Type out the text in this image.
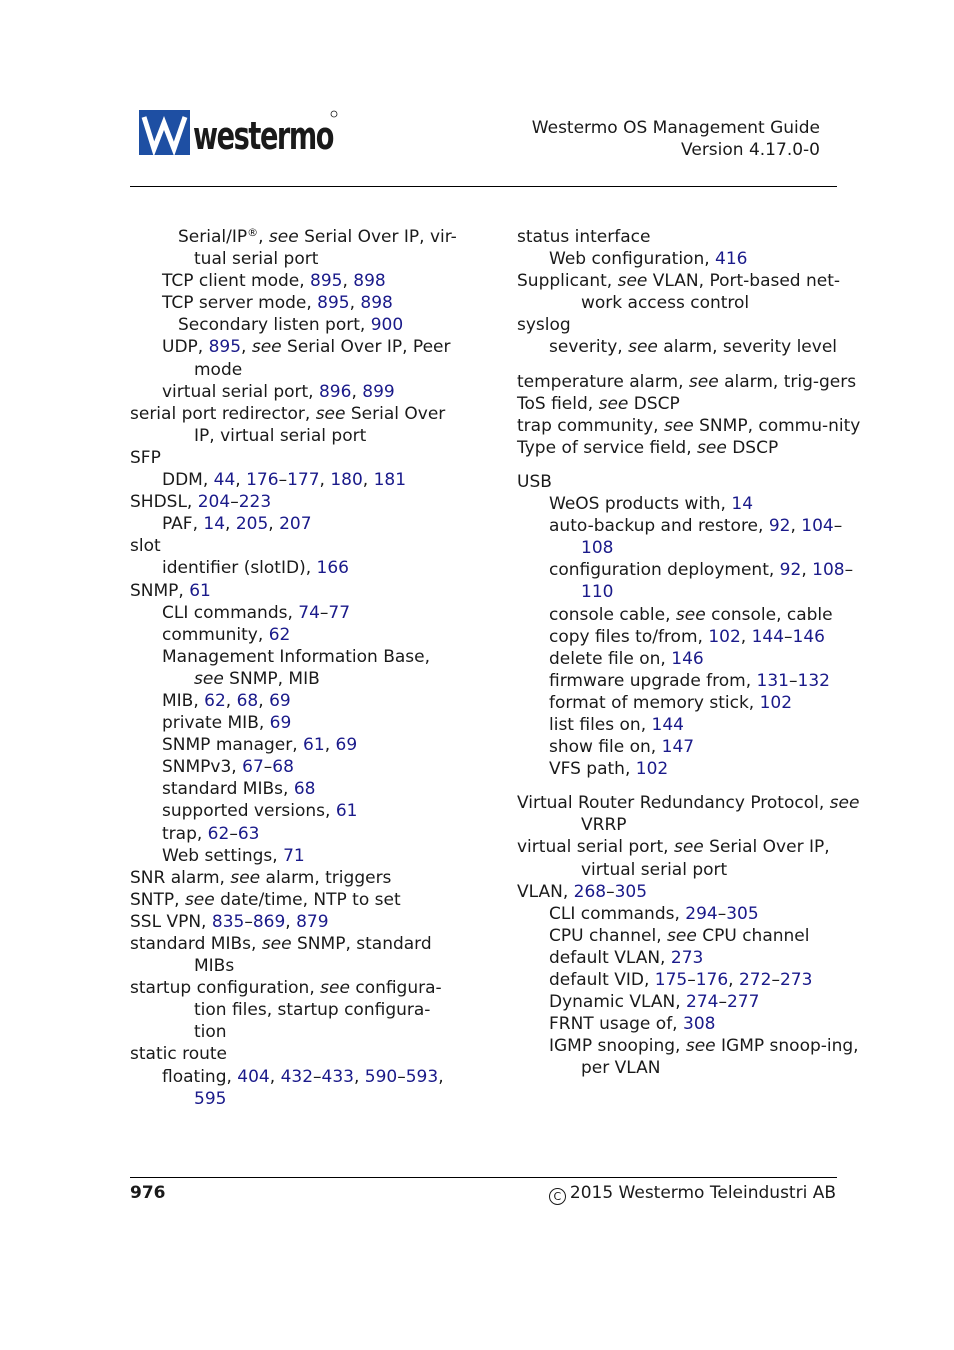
westermo	Westermo OS Management Guide
Version 4.17.0-0
Serial/IP®, see Serial Over IP, vir-tual serial port
TCP client mode, 895, 898
TCP server mode, 895, 898
Secondary listen port, 900
UDP, 895, see Serial Over IP, Peer mode
virtual serial port, 896, 899
serial port redirector, see Serial Over IP, virtual serial port
SFP
DDM, 44, 176–177, 180, 181
SHDSL, 204–223
PAF, 14, 205, 207
slot
identifier (slotID), 166
SNMP, 61
CLI commands, 74–77
community, 62
Management Information Base, see SNMP, MIB
MIB, 62, 68, 69
private MIB, 69
SNMP manager, 61, 69
SNMPv3, 67–68
standard MIBs, 68
supported versions, 61
trap, 62–63
Web settings, 71
SNR alarm, see alarm, triggers
SNTP, see date/time, NTP to set
SSL VPN, 835–869, 879
standard MIBs, see SNMP, standard MIBs
startup configuration, see configura-tion files, startup configura-tion
static route
floating, 404, 432–433, 590–593, 595
status interface
Web configuration, 416
Supplicant, see VLAN, Port-based net-work access control
syslog
severity, see alarm, severity level
temperature alarm, see alarm, trig-gers
ToS field, see DSCP
trap community, see SNMP, commu-nity
Type of service field, see DSCP
USB
WeOS products with, 14
auto-backup and restore, 92, 104–108
configuration deployment, 92, 108–110
console cable, see console, cable
copy files to/from, 102, 144–146
delete file on, 146
firmware upgrade from, 131–132
format of memory stick, 102
list files on, 144
show file on, 147
VFS path, 102
Virtual Router Redundancy Protocol, see VRRP
virtual serial port, see Serial Over IP, virtual serial port
VLAN, 268–305
CLI commands, 294–305
CPU channel, see CPU channel
default VLAN, 273
default VID, 175–176, 272–273
Dynamic VLAN, 274–277
FRNT usage of, 308
IGMP snooping, see IGMP snoop-ing, per VLAN
976	C 2015 Westermo Teleindustri AB
